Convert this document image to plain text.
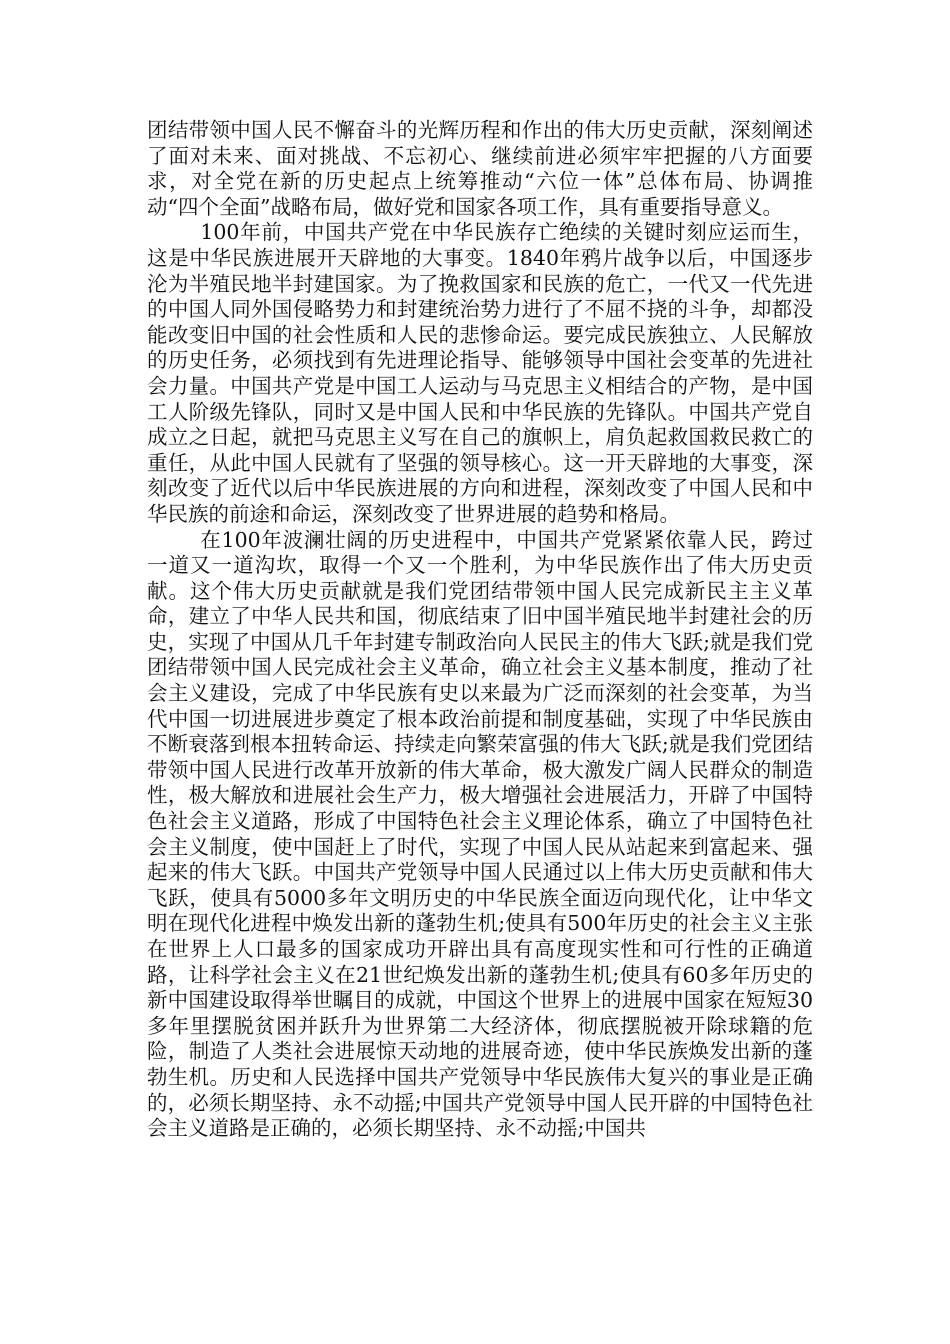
团结带领中国人民不懈奋斗的光辉历程和作出的伟大历史贡献，深刻阐述了面对未来、面对挑战、不忘初心、继续前进必须牢牢把握的八方面要求，对全党在新的历史起点上统筹推动“六位一体”总体布局、协调推动“四个全面”战略布局，做好党和国家各项工作，具有重要指导意义。

100年前，中国共产党在中华民族存亡绝续的关键时刻应运而生，这是中华民族进展开天辟地的大事变。1840年鸦片战争以后，中国逐步沦为半殖民地半封建国家。为了挽救国家和民族的危亡，一代又一代先进的中国人同外国侵略势力和封建统治势力进行了不屈不挠的斗争，却都没能改变旧中国的社会性质和人民的悲惨命运。要完成民族独立、人民解放的历史任务，必须找到有先进理论指导、能够领导中国社会变革的先进社会力量。中国共产党是中国工人运动与马克思主义相结合的产物，是中国工人阶级先锋队，同时又是中国人民和中华民族的先锋队。中国共产党自成立之日起，就把马克思主义写在自己的旗帜上，肩负起救国救民救亡的重任，从此中国人民就有了坚强的领导核心。这一开天辟地的大事变，深刻改变了近代以后中华民族进展的方向和进程，深刻改变了中国人民和中华民族的前途和命运，深刻改变了世界进展的趋势和格局。

在100年波澜壮阔的历史进程中，中国共产党紧紧依靠人民，跨过一道又一道沟坎，取得一个又一个胜利，为中华民族作出了伟大历史贡献。这个伟大历史贡献就是我们党团结带领中国人民完成新民主主义革命，建立了中华人民共和国，彻底结束了旧中国半殖民地半封建社会的历史，实现了中国从几千年封建专制政治向人民民主的伟大飞跃;就是我们党团结带领中国人民完成社会主义革命，确立社会主义基本制度，推动了社会主义建设，完成了中华民族有史以来最为广泛而深刻的社会变革，为当代中国一切进展进步奠定了根本政治前提和制度基础，实现了中华民族由不断衰落到根本扭转命运、持续走向繁荣富强的伟大飞跃;就是我们党团结带领中国人民进行改革开放新的伟大革命，极大激发广阔人民群众的制造性，极大解放和进展社会生产力，极大增强社会进展活力，开辟了中国特色社会主义道路，形成了中国特色社会主义理论体系，确立了中国特色社会主义制度，使中国赶上了时代，实现了中国人民从站起来到富起来、强起来的伟大飞跃。中国共产党领导中国人民通过以上伟大历史贡献和伟大飞跃，使具有5000多年文明历史的中华民族全面迈向现代化，让中华文明在现代化进程中焕发出新的蓬勃生机;使具有500年历史的社会主义主张在世界上人口最多的国家成功开辟出具有高度现实性和可行性的正确道路，让科学社会主义在21世纪焕发出新的蓬勃生机;使具有60多年历史的新中国建设取得举世瞩目的成就，中国这个世界上的进展中国家在短短30多年里摆脱贫困并跃升为世界第二大经济体，彻底摆脱被开除球籍的危险，制造了人类社会进展惊天动地的进展奇迹，使中华民族焕发出新的蓬勃生机。历史和人民选择中国共产党领导中华民族伟大复兴的事业是正确的，必须长期坚持、永不动摇;中国共产党领导中国人民开辟的中国特色社会主义道路是正确的，必须长期坚持、永不动摇;中国共
